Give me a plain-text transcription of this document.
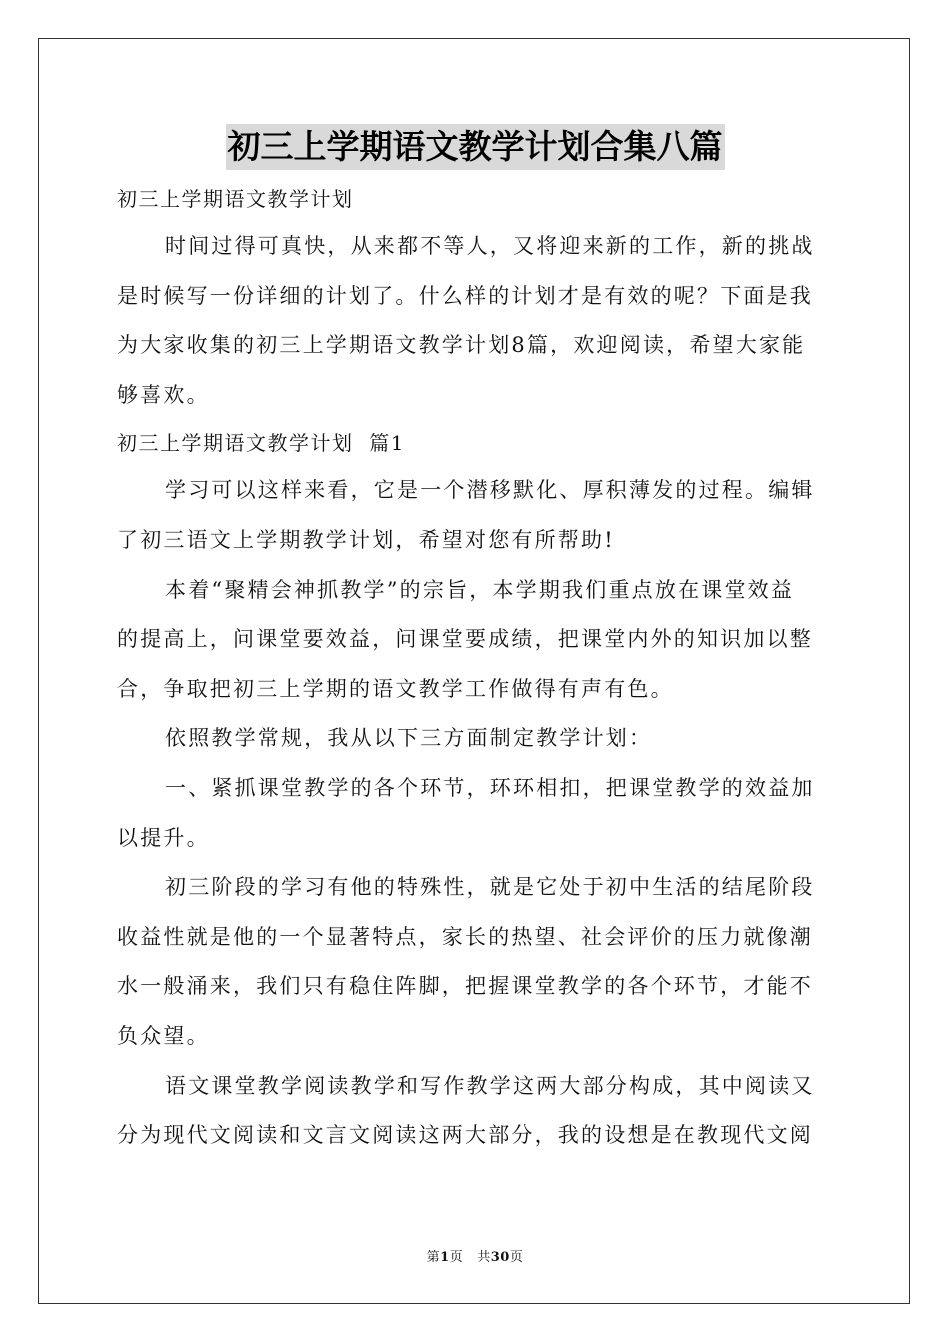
初三上学期语文教学计划合集八篇

初三上学期语文教学计划

时间过得可真快，从来都不等人，又将迎来新的工作，新的挑战

是时候写一份详细的计划了。什么样的计划才是有效的呢？下面是我

为大家收集的初三上学期语文教学计划8篇，欢迎阅读，希望大家能

够喜欢。

初三上学期语文教学计划  篇1

学习可以这样来看，它是一个潜移默化、厚积薄发的过程。编辑

了初三语文上学期教学计划，希望对您有所帮助!

本着“聚精会神抓教学”的宗旨，本学期我们重点放在课堂效益

的提高上，问课堂要效益，问课堂要成绩，把课堂内外的知识加以整

合，争取把初三上学期的语文教学工作做得有声有色。

依照教学常规，我从以下三方面制定教学计划：

一、紧抓课堂教学的各个环节，环环相扣，把课堂教学的效益加

以提升。

初三阶段的学习有他的特殊性，就是它处于初中生活的结尾阶段

收益性就是他的一个显著特点，家长的热望、社会评价的压力就像潮

水一般涌来，我们只有稳住阵脚，把握课堂教学的各个环节，才能不

负众望。

语文课堂教学阅读教学和写作教学这两大部分构成，其中阅读又

分为现代文阅读和文言文阅读这两大部分，我的设想是在教现代文阅

第1页 共30页
